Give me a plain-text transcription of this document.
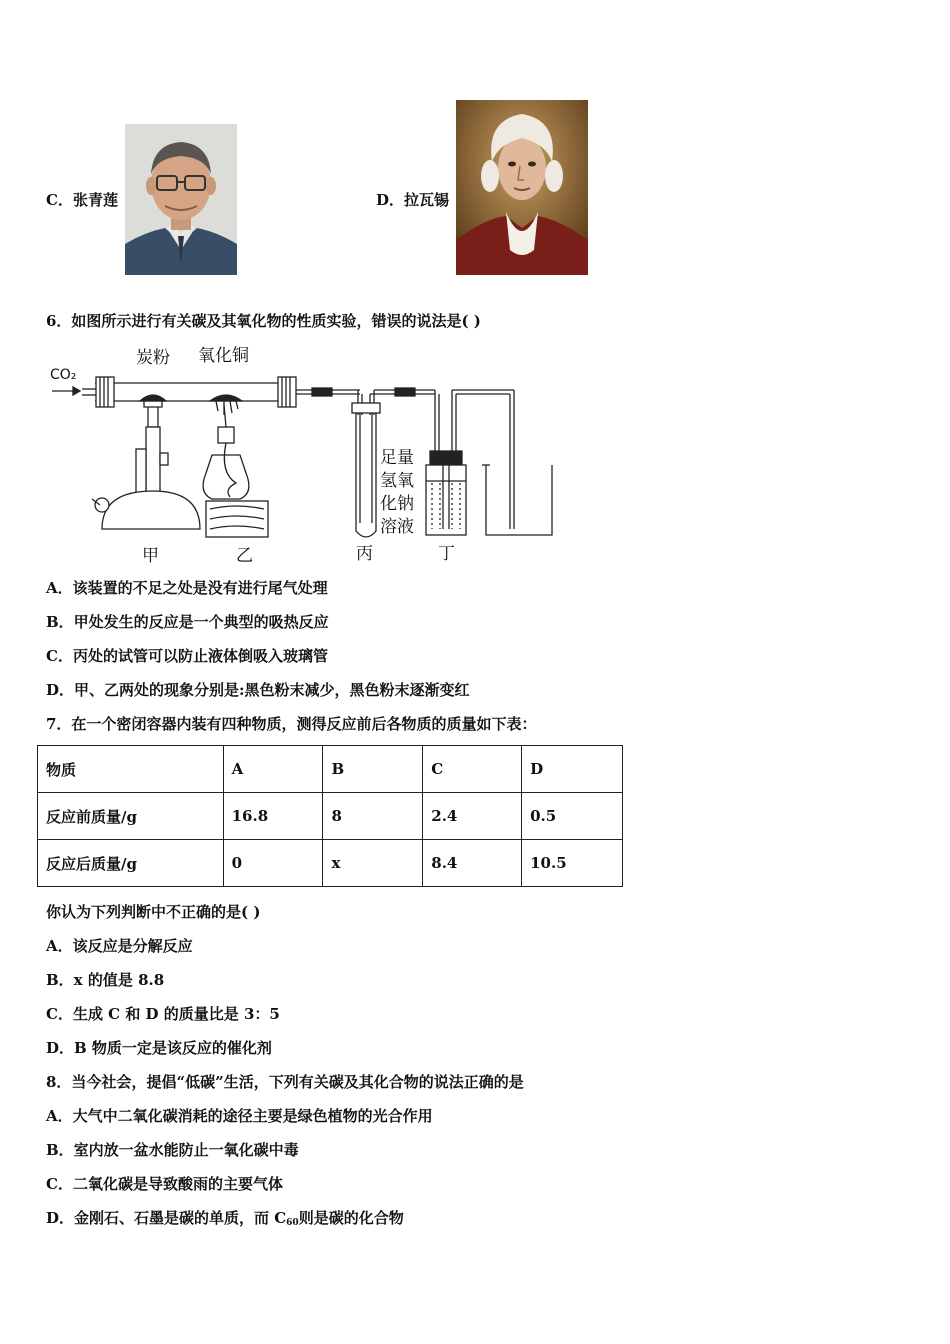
C．张青莲	D．拉瓦锡
6．如图所示进行有关碳及其氧化物的性质实验，错误的说法是( )
CO₂
炭粉 氧化铜
足量
氢氧
化钠
溶液
甲	乙	丙	丁
A．该装置的不足之处是没有进行尾气处理
B．甲处发生的反应是一个典型的吸热反应
C．丙处的试管可以防止液体倒吸入玻璃管
D．甲、乙两处的现象分别是:黑色粉末减少，黑色粉末逐渐变红
7．在一个密闭容器内装有四种物质，测得反应前后各物质的质量如下表：
物质	A	B	C	D
反应前质量/g	16.8	8	2.4	0.5
反应后质量/g	0	x	8.4	10.5
你认为下列判断中不正确的是( )
A．该反应是分解反应
B．x 的值是 8.8
C．生成 C 和 D 的质量比是 3：5
D．B 物质一定是该反应的催化剂
8．当今社会，提倡“低碳”生活，下列有关碳及其化合物的说法正确的是
A．大气中二氧化碳消耗的途径主要是绿色植物的光合作用
B．室内放一盆水能防止一氧化碳中毒
C．二氧化碳是导致酸雨的主要气体
D．金刚石、石墨是碳的单质，而 $C_{60}$则是碳的化合物
